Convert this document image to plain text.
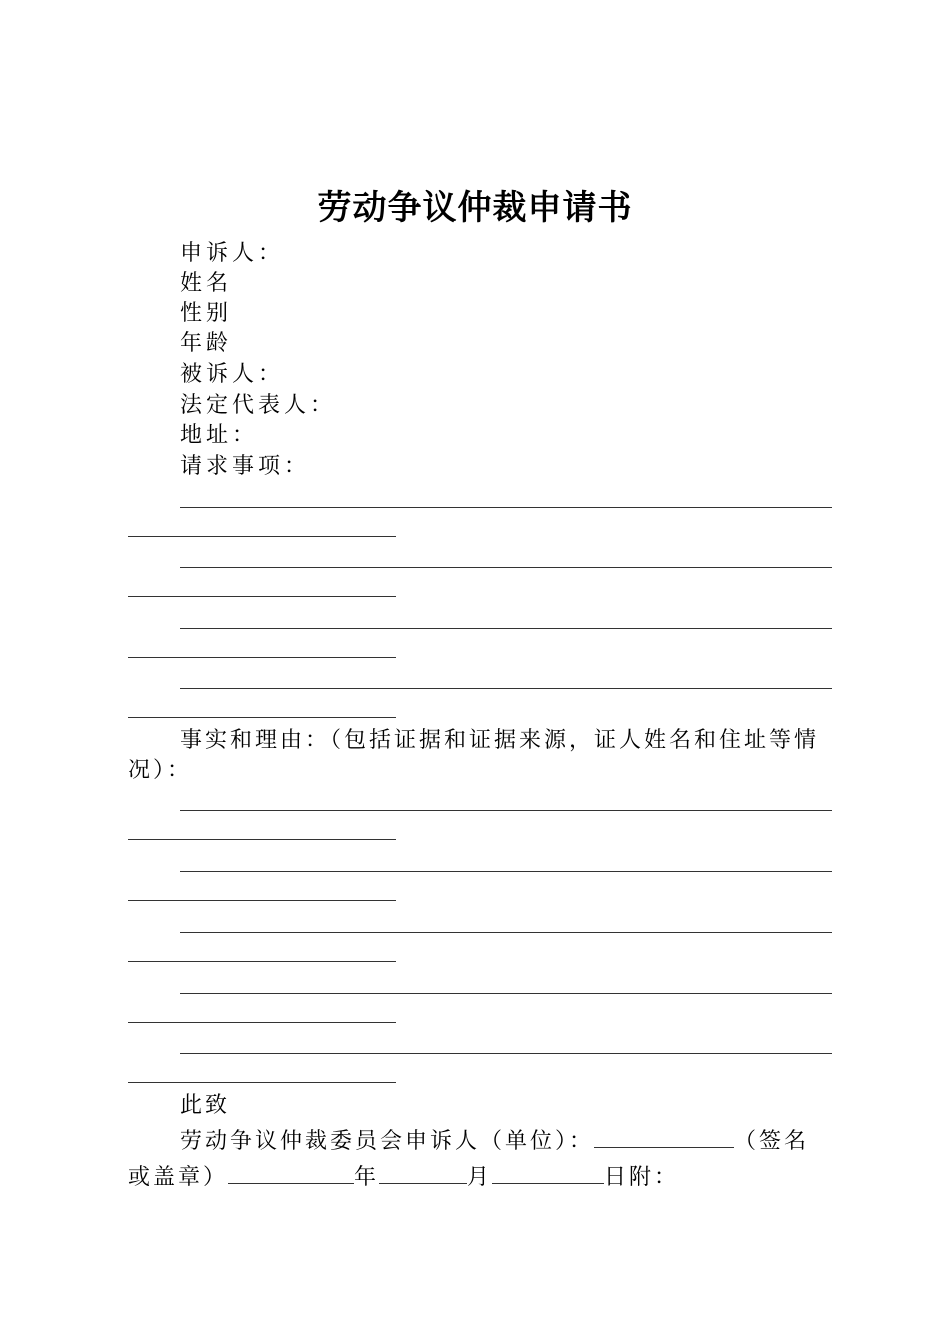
劳动争议仲裁申请书
申诉人：
姓名
性别
年龄
被诉人：
法定代表人：
地址：
请求事项：
事实和理由：（包括证据和证据来源，证人姓名和住址等情况）：
此致
劳动争议仲裁委员会申诉人（单位）：	（签名
或盖章）	年	月	日附：
